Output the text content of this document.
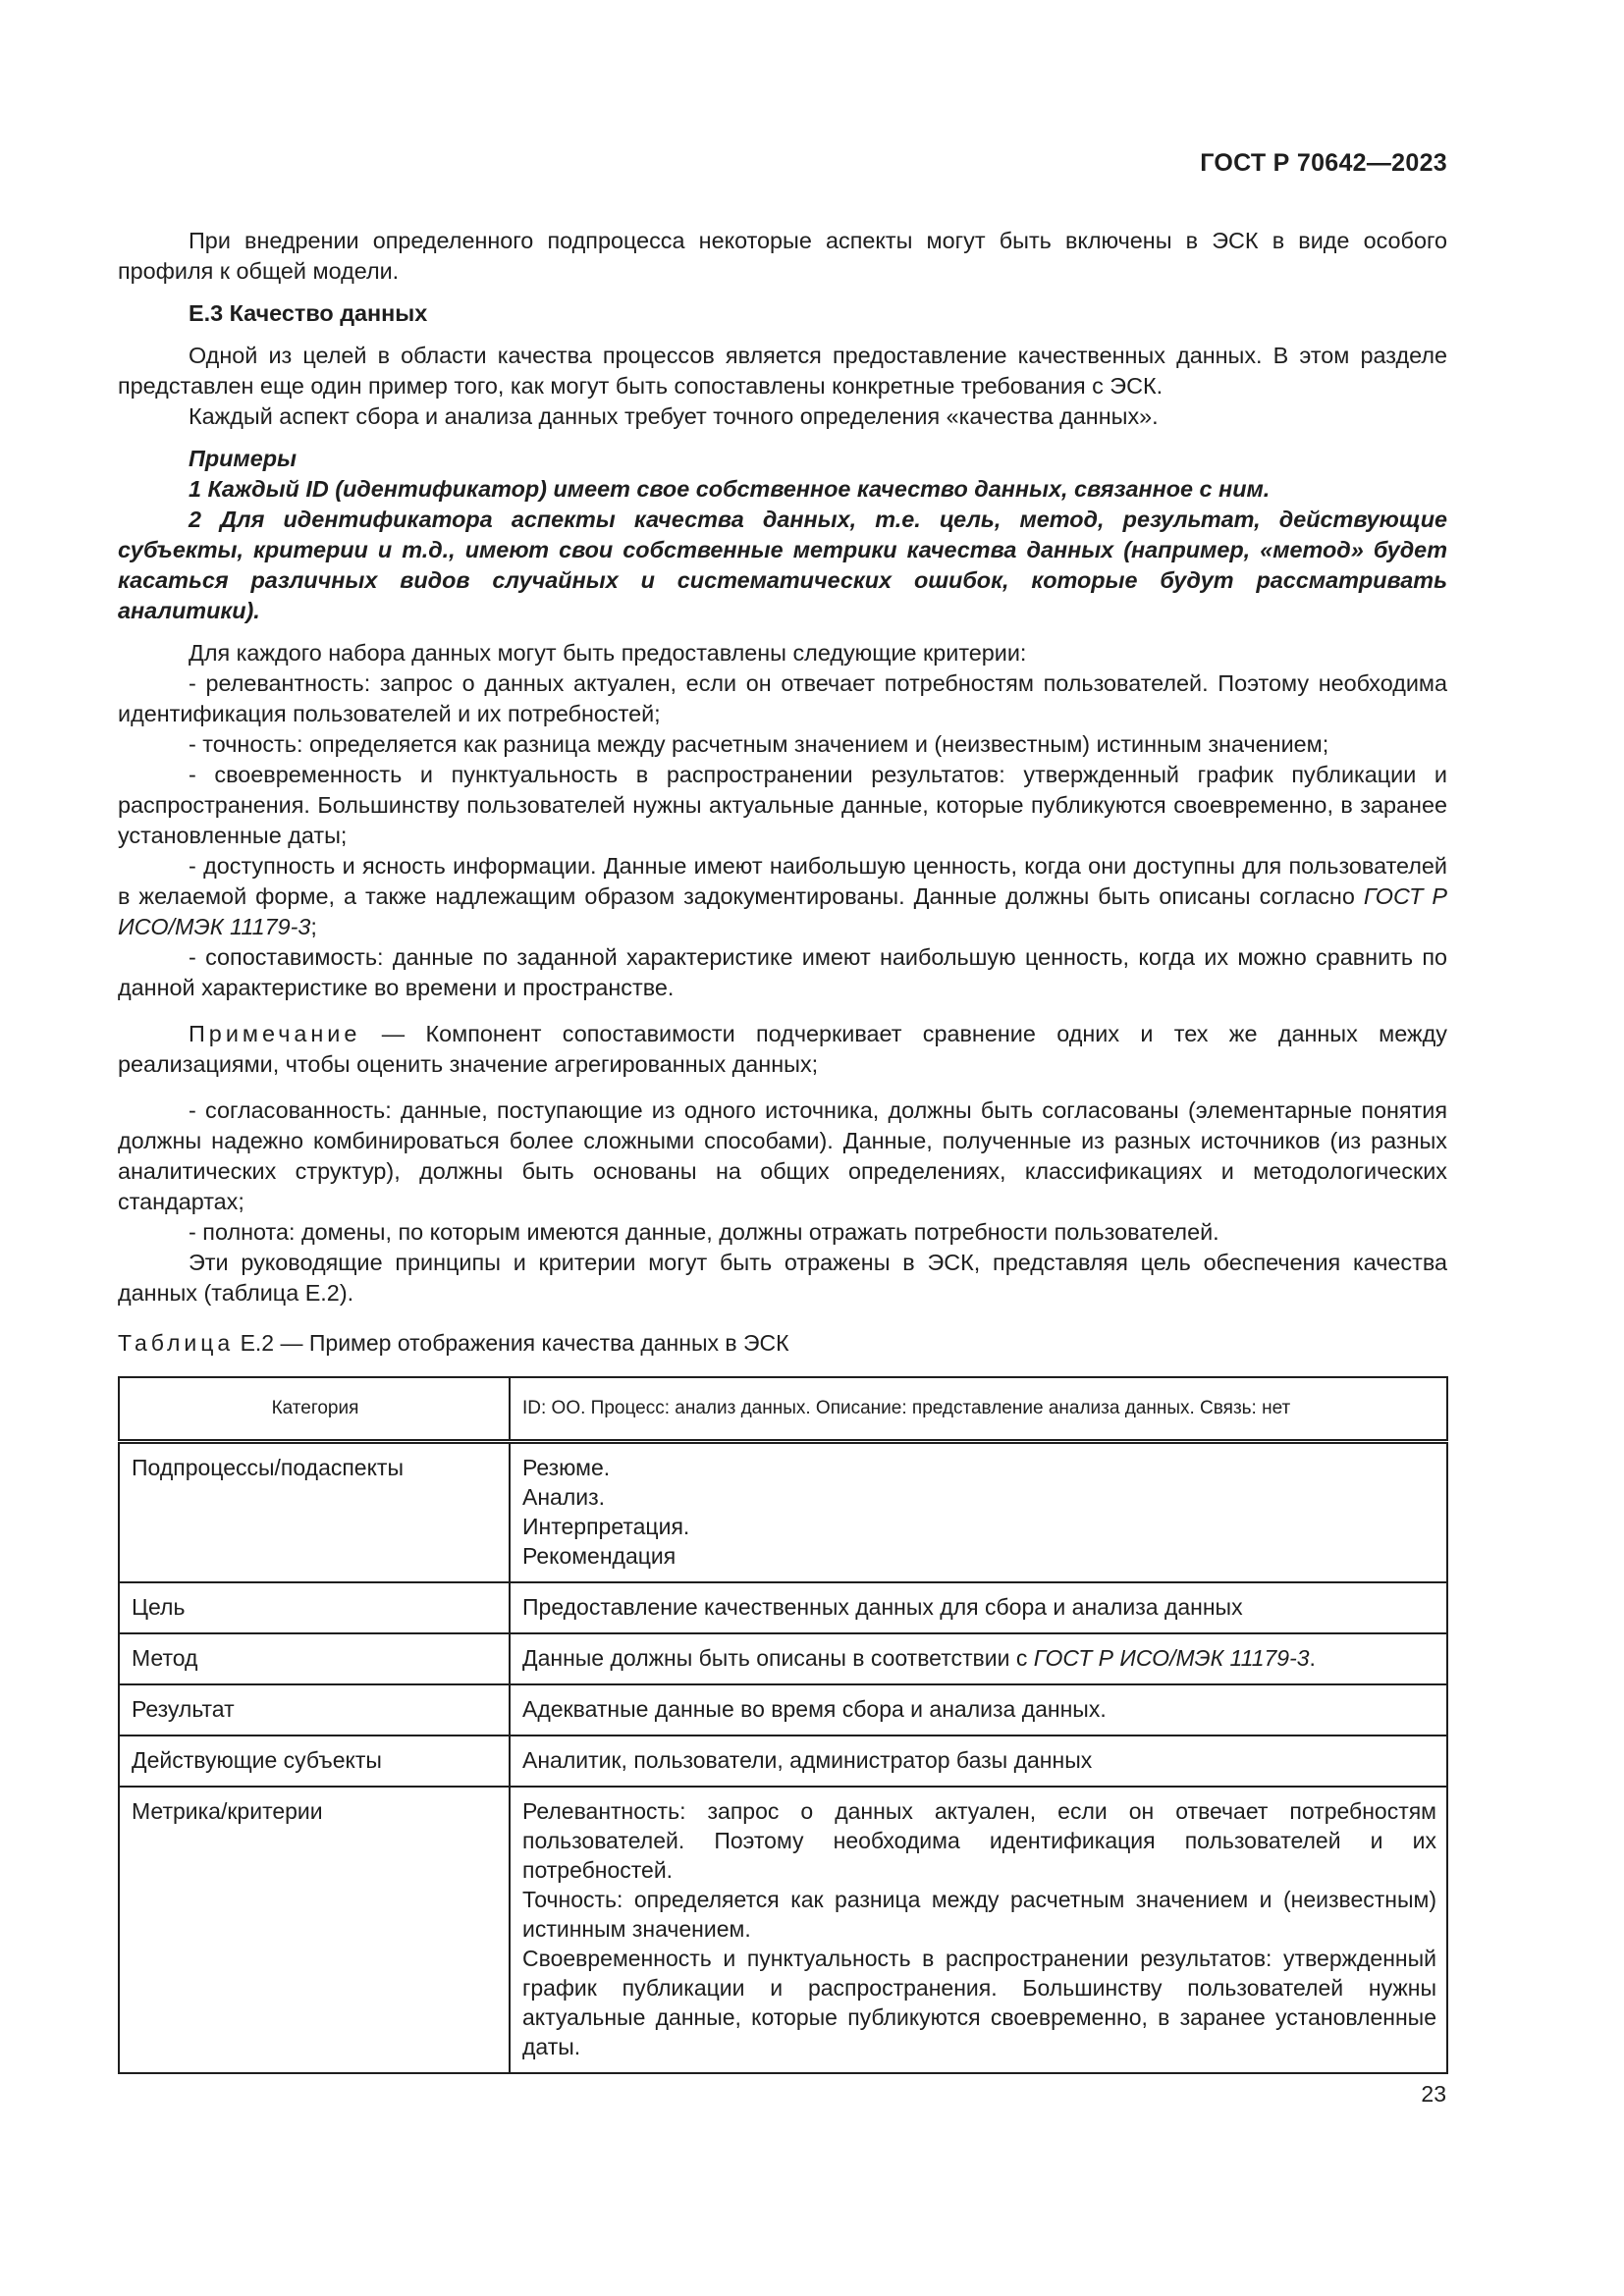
ГОСТ Р 70642—2023

При внедрении определенного подпроцесса некоторые аспекты могут быть включены в ЭСК в виде особого профиля к общей модели.

Е.3 Качество данных

Одной из целей в области качества процессов является предоставление качественных данных. В этом разделе представлен еще один пример того, как могут быть сопоставлены конкретные требования с ЭСК.

Каждый аспект сбора и анализа данных требует точного определения «качества данных».

Примеры

1 Каждый ID (идентификатор) имеет свое собственное качество данных, связанное с ним.

2 Для идентификатора аспекты качества данных, т.е. цель, метод, результат, действующие субъекты, критерии и т.д., имеют свои собственные метрики качества данных (например, «метод» будет касаться различных видов случайных и систематических ошибок, которые будут рассматривать аналитики).

Для каждого набора данных могут быть предоставлены следующие критерии:

- релевантность: запрос о данных актуален, если он отвечает потребностям пользователей. Поэтому необходима идентификация пользователей и их потребностей;

- точность: определяется как разница между расчетным значением и (неизвестным) истинным значением;

- своевременность и пунктуальность в распространении результатов: утвержденный график публикации и распространения. Большинству пользователей нужны актуальные данные, которые публикуются своевременно, в заранее установленные даты;

- доступность и ясность информации. Данные имеют наибольшую ценность, когда они доступны для пользователей в желаемой форме, а также надлежащим образом задокументированы. Данные должны быть описаны согласно ГОСТ Р ИСО/МЭК 11179-3;

- сопоставимость: данные по заданной характеристике имеют наибольшую ценность, когда их можно сравнить по данной характеристике во времени и пространстве.

Примечание — Компонент сопоставимости подчеркивает сравнение одних и тех же данных между реализациями, чтобы оценить значение агрегированных данных;

- согласованность: данные, поступающие из одного источника, должны быть согласованы (элементарные понятия должны надежно комбинироваться более сложными способами). Данные, полученные из разных источников (из разных аналитических структур), должны быть основаны на общих определениях, классификациях и методологических стандартах;

- полнота: домены, по которым имеются данные, должны отражать потребности пользователей.

Эти руководящие принципы и критерии могут быть отражены в ЭСК, представляя цель обеспечения качества данных (таблица Е.2).

Таблица Е.2 — Пример отображения качества данных в ЭСК
Категория	ID: OO. Процесс: анализ данных. Описание: представление анализа данных. Связь: нет
Подпроцессы/подаспекты	Резюме.
Анализ.
Интерпретация.
Рекомендация

Цель	Предоставление качественных данных для сбора и анализа данных
Метод	Данные должны быть описаны в соответствии с ГОСТ Р ИСО/МЭК 11179-3.
Результат	Адекватные данные во время сбора и анализа данных.
Действующие субъекты	Аналитик, пользователи, администратор базы данных
Метрика/критерии	Релевантность: запрос о данных актуален, если он отвечает потребностям пользователей. Поэтому необходима идентификация пользователей и их потребностей.
Точность: определяется как разница между расчетным значением и (неизвестным) истинным значением.
Своевременность и пунктуальность в распространении результатов: утвержденный график публикации и распространения. Большинству пользователей нужны актуальные данные, которые публикуются своевременно, в заранее установленные даты.
23
